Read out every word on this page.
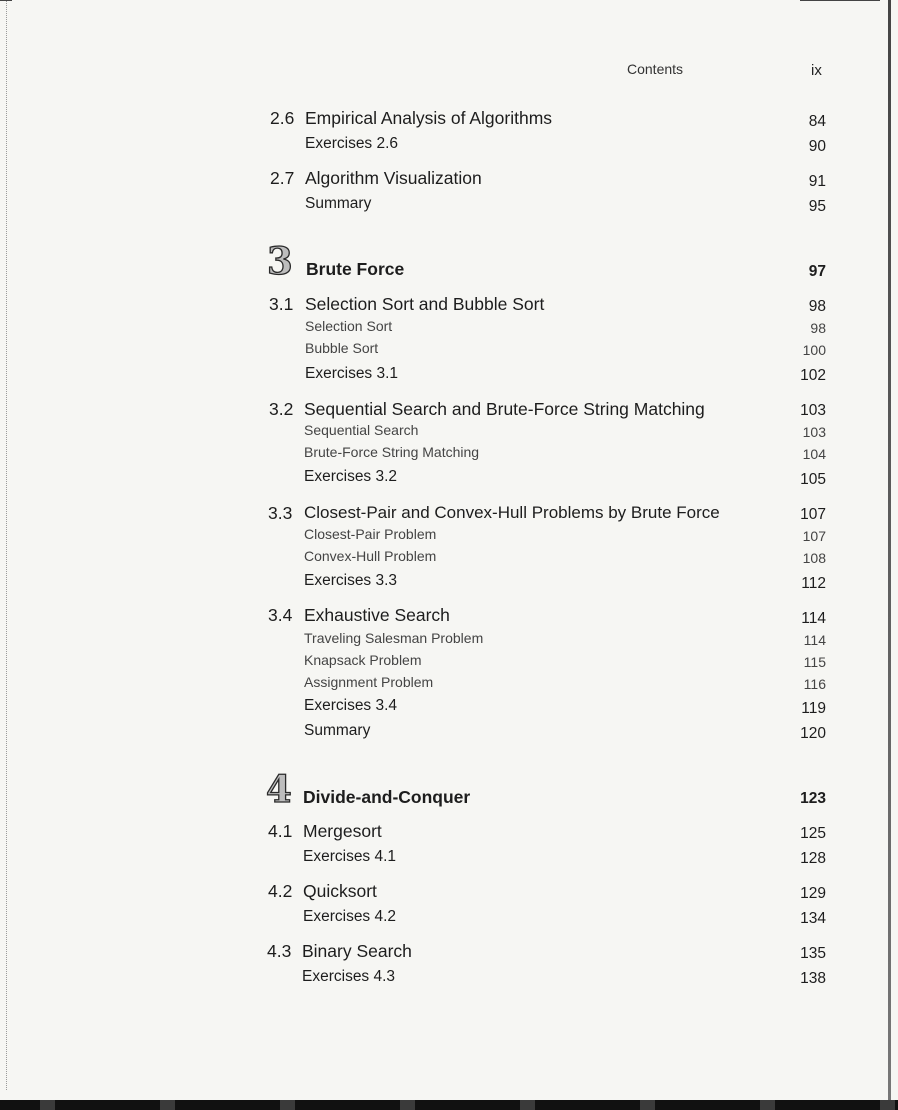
Contents	ix
2.6 Empirical Analysis of Algorithms	84
Exercises 2.6	90
2.7 Algorithm Visualization	91
Summary	95
3 Brute Force	97
3.1 Selection Sort and Bubble Sort	98
Selection Sort	98
Bubble Sort	100
Exercises 3.1	102
3.2 Sequential Search and Brute-Force String Matching	103
Sequential Search	103
Brute-Force String Matching	104
Exercises 3.2	105
3.3 Closest-Pair and Convex-Hull Problems by Brute Force	107
Closest-Pair Problem	107
Convex-Hull Problem	108
Exercises 3.3	112
3.4 Exhaustive Search	114
Traveling Salesman Problem	114
Knapsack Problem	115
Assignment Problem	116
Exercises 3.4	119
Summary	120
4 Divide-and-Conquer	123
4.1 Mergesort	125
Exercises 4.1	128
4.2 Quicksort	129
Exercises 4.2	134
4.3 Binary Search	135
Exercises 4.3	138
